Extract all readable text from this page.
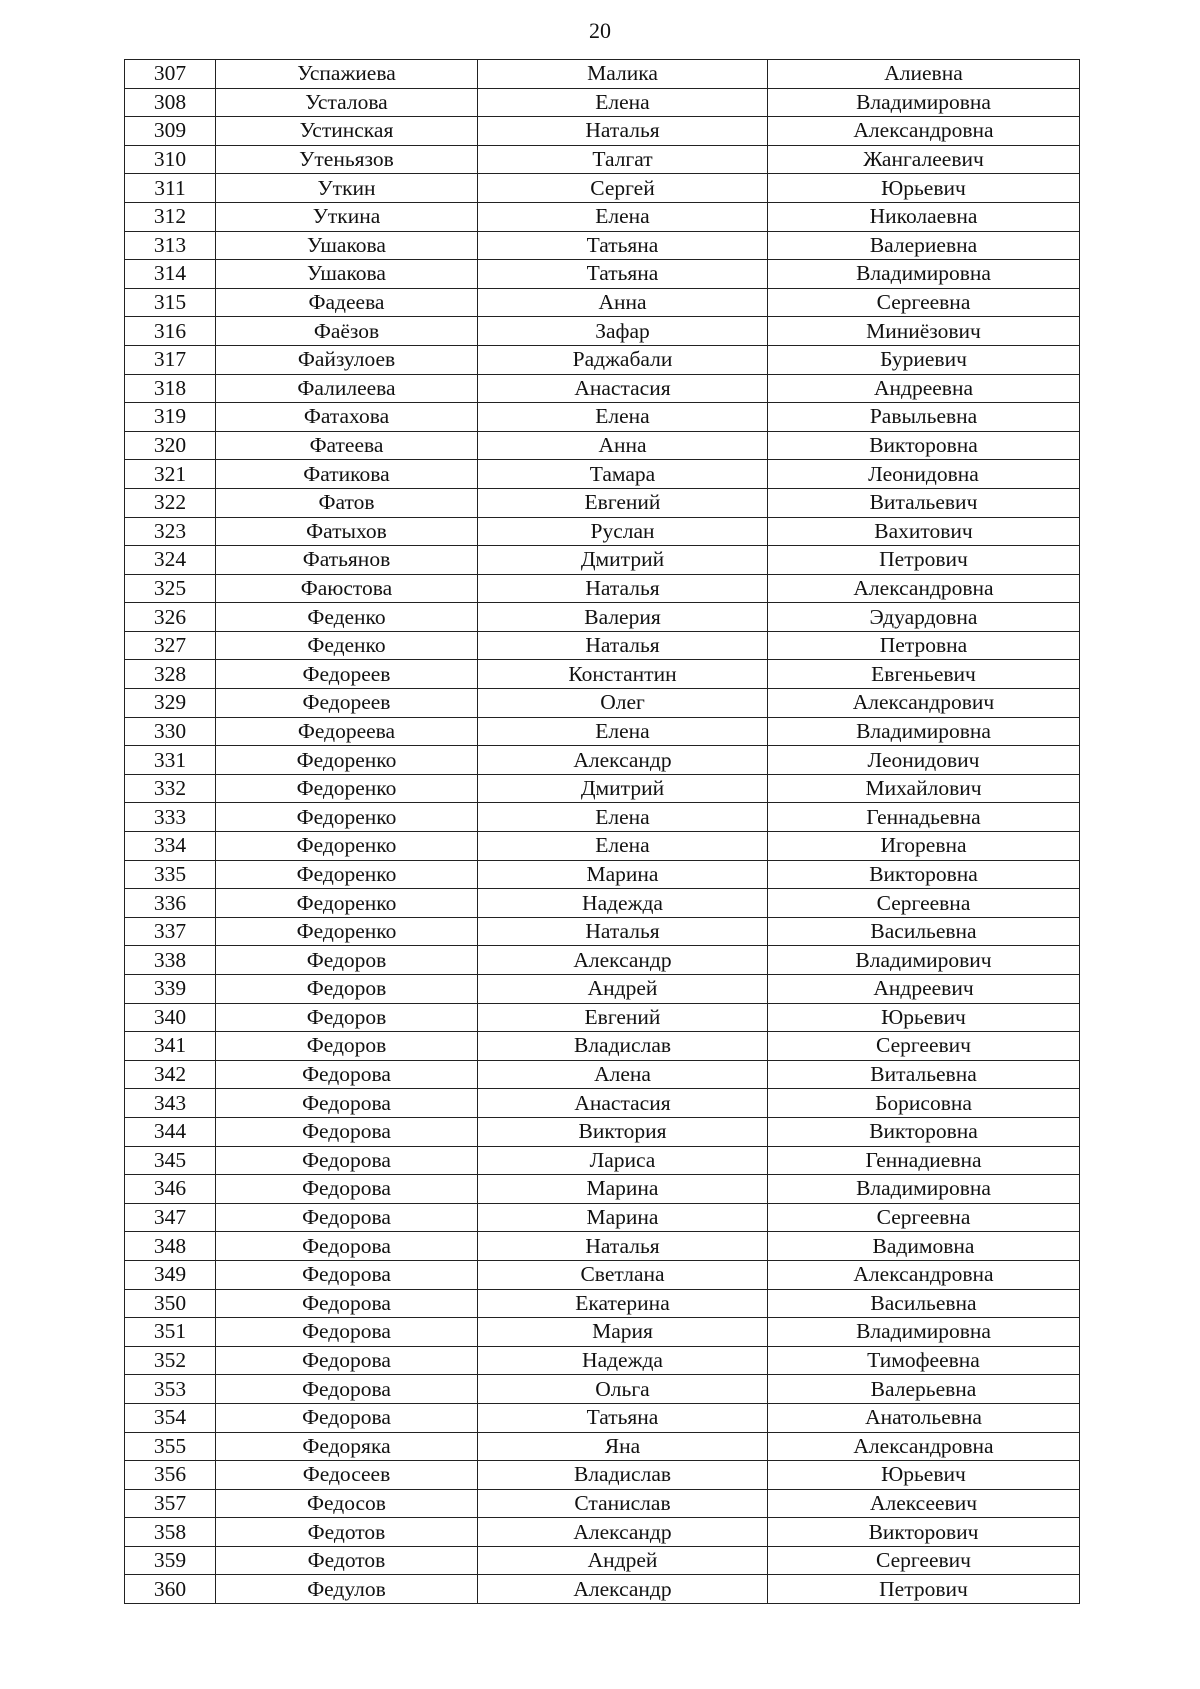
20
307	Успажиева	Малика	Алиевна
308	Усталова	Елена	Владимировна
309	Устинская	Наталья	Александровна
310	Утеньязов	Талгат	Жангалеевич
311	Уткин	Сергей	Юрьевич
312	Уткина	Елена	Николаевна
313	Ушакова	Татьяна	Валериевна
314	Ушакова	Татьяна	Владимировна
315	Фадеева	Анна	Сергеевна
316	Фаёзов	Зафар	Миниёзович
317	Файзулоев	Раджабали	Буриевич
318	Фалилеева	Анастасия	Андреевна
319	Фатахова	Елена	Равыльевна
320	Фатеева	Анна	Викторовна
321	Фатикова	Тамара	Леонидовна
322	Фатов	Евгений	Витальевич
323	Фатыхов	Руслан	Вахитович
324	Фатьянов	Дмитрий	Петрович
325	Фаюстова	Наталья	Александровна
326	Феденко	Валерия	Эдуардовна
327	Феденко	Наталья	Петровна
328	Федореев	Константин	Евгеньевич
329	Федореев	Олег	Александрович
330	Федореева	Елена	Владимировна
331	Федоренко	Александр	Леонидович
332	Федоренко	Дмитрий	Михайлович
333	Федоренко	Елена	Геннадьевна
334	Федоренко	Елена	Игоревна
335	Федоренко	Марина	Викторовна
336	Федоренко	Надежда	Сергеевна
337	Федоренко	Наталья	Васильевна
338	Федоров	Александр	Владимирович
339	Федоров	Андрей	Андреевич
340	Федоров	Евгений	Юрьевич
341	Федоров	Владислав	Сергеевич
342	Федорова	Алена	Витальевна
343	Федорова	Анастасия	Борисовна
344	Федорова	Виктория	Викторовна
345	Федорова	Лариса	Геннадиевна
346	Федорова	Марина	Владимировна
347	Федорова	Марина	Сергеевна
348	Федорова	Наталья	Вадимовна
349	Федорова	Светлана	Александровна
350	Федорова	Екатерина	Васильевна
351	Федорова	Мария	Владимировна
352	Федорова	Надежда	Тимофеевна
353	Федорова	Ольга	Валерьевна
354	Федорова	Татьяна	Анатольевна
355	Федоряка	Яна	Александровна
356	Федосеев	Владислав	Юрьевич
357	Федосов	Станислав	Алексеевич
358	Федотов	Александр	Викторович
359	Федотов	Андрей	Сергеевич
360	Федулов	Александр	Петрович
